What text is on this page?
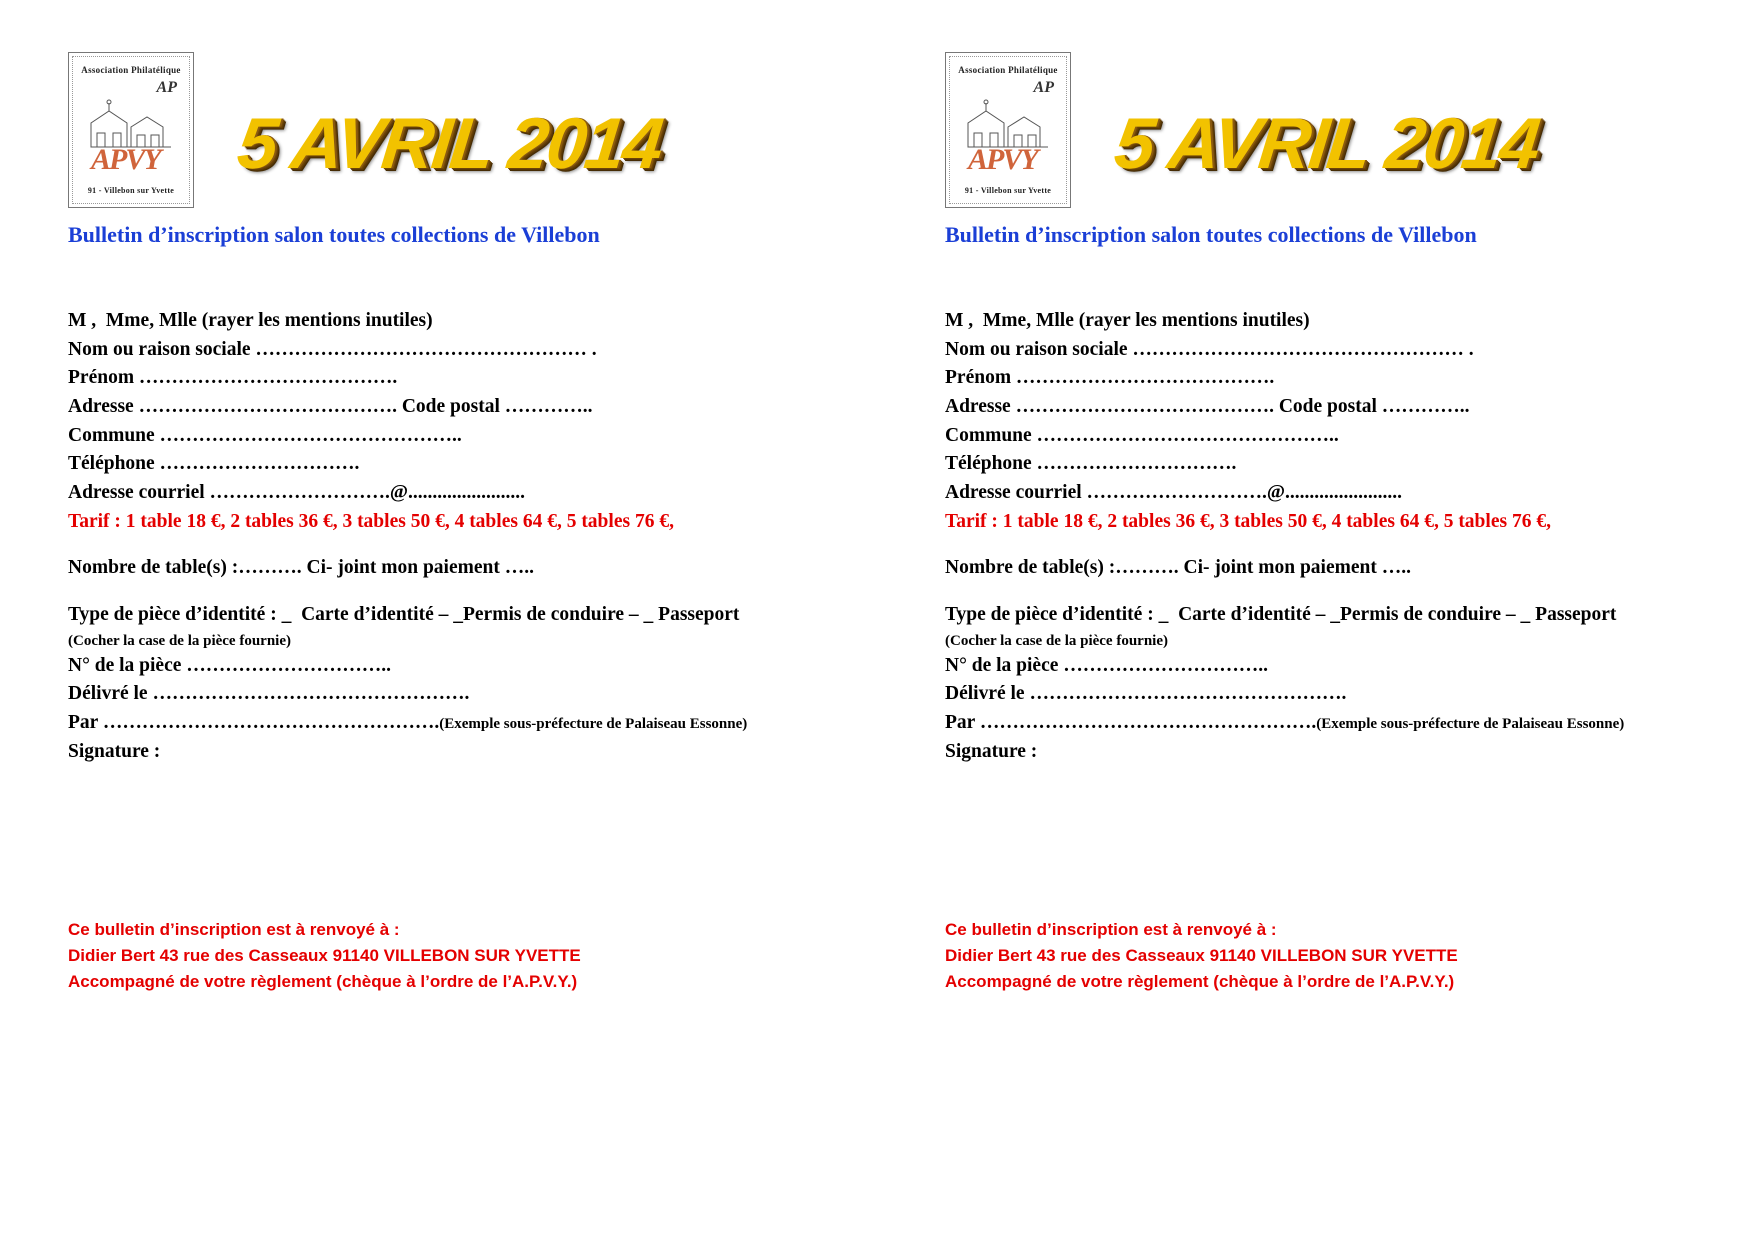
Association Philatélique
AP
APVY
91 - Villebon sur Yvette
5 AVRIL 2014
Bulletin d’inscription salon toutes collections de Villebon
M ,  Mme, Mlle (rayer les mentions inutiles)
Nom ou raison sociale …………………………………………… .
Prénom ………………………………….
Adresse …………………………………. Code postal …………..
Commune ………………………………………..
Téléphone ………………………….
Adresse courriel ……………………….@........................
Tarif : 1 table 18 €, 2 tables 36 €, 3 tables 50 €, 4 tables 64 €, 5 tables 76 €,
Nombre de table(s) :………. Ci- joint mon paiement …..
Type de pièce d’identité : _  Carte d’identité – _Permis de conduire – _ Passeport
(Cocher la case de la pièce fournie)
N° de la pièce …………………………..
Délivré le ………………………………………….
Par …………………………………………….(Exemple sous-préfecture de Palaiseau Essonne)
Signature :
Ce bulletin d’inscription est à renvoyé à :
Didier Bert 43 rue des Casseaux 91140 VILLEBON SUR YVETTE
Accompagné de votre règlement (chèque à l’ordre de l’A.P.V.Y.)
Association Philatélique
AP
APVY
91 - Villebon sur Yvette
5 AVRIL 2014
Bulletin d’inscription salon toutes collections de Villebon
M ,  Mme, Mlle (rayer les mentions inutiles)
Nom ou raison sociale …………………………………………… .
Prénom ………………………………….
Adresse …………………………………. Code postal …………..
Commune ………………………………………..
Téléphone ………………………….
Adresse courriel ……………………….@........................
Tarif : 1 table 18 €, 2 tables 36 €, 3 tables 50 €, 4 tables 64 €, 5 tables 76 €,
Nombre de table(s) :………. Ci- joint mon paiement …..
Type de pièce d’identité : _  Carte d’identité – _Permis de conduire – _ Passeport
(Cocher la case de la pièce fournie)
N° de la pièce …………………………..
Délivré le ………………………………………….
Par …………………………………………….(Exemple sous-préfecture de Palaiseau Essonne)
Signature :
Ce bulletin d’inscription est à renvoyé à :
Didier Bert 43 rue des Casseaux 91140 VILLEBON SUR YVETTE
Accompagné de votre règlement (chèque à l’ordre de l’A.P.V.Y.)
